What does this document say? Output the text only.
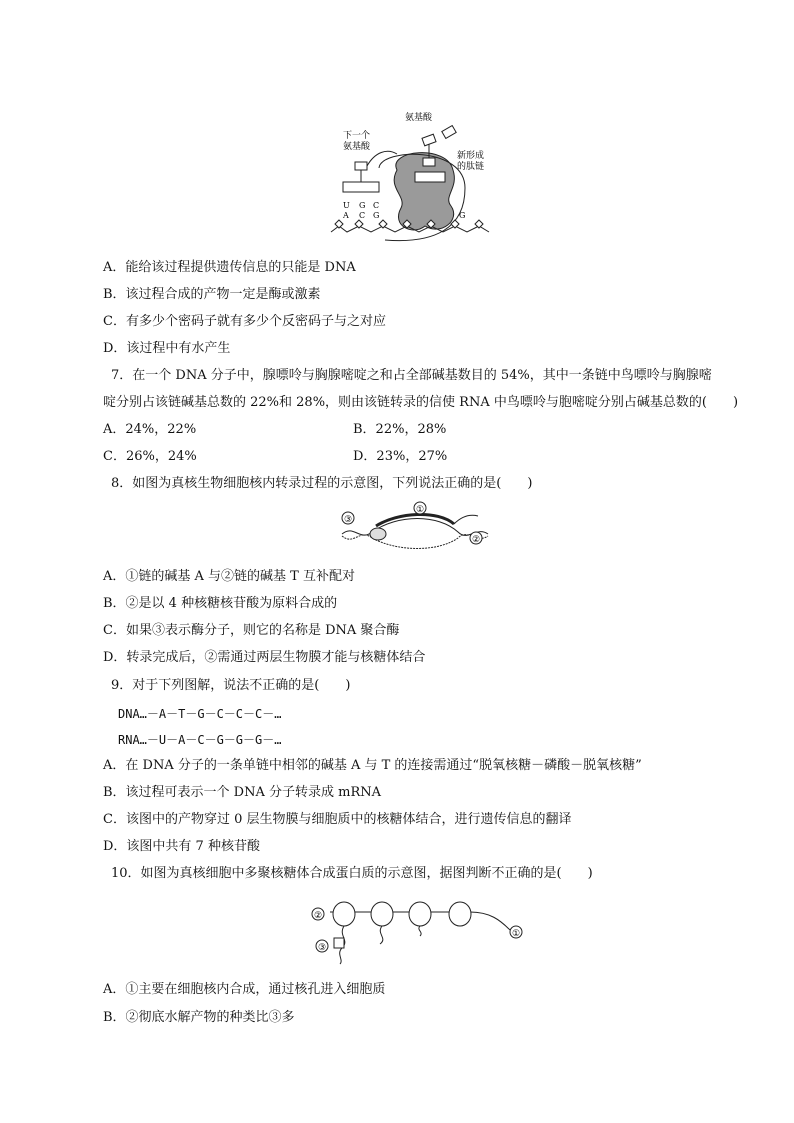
氨基酸
下一个
氨基酸
新形成
的肽链
U
A
G
C
C
G	G
A．能给该过程提供遗传信息的只能是 DNA
B．该过程合成的产物一定是酶或激素
C．有多少个密码子就有多少个反密码子与之对应
D．该过程中有水产生
7．在一个 DNA 分子中，腺嘌呤与胸腺嘧啶之和占全部碱基数目的 54%，其中一条链中鸟嘌呤与胸腺嘧
啶分别占该链碱基总数的 22%和 28%，则由该链转录的信使 RNA 中鸟嘌呤与胞嘧啶分别占碱基总数的(　　)
A．24%，22%	B．22%，28%
C．26%，24%	D．23%，27%
8．如图为真核生物细胞核内转录过程的示意图，下列说法正确的是(　　)
③
①
②
A．①链的碱基 A 与②链的碱基 T 互补配对
B．②是以 4 种核糖核苷酸为原料合成的
C．如果③表示酶分子，则它的名称是 DNA 聚合酶
D．转录完成后，②需通过两层生物膜才能与核糖体结合
9．对于下列图解，说法不正确的是(　　)
DNA…－A－T－G－C－C－C－…
RNA…－U－A－C－G－G－G－…
A．在 DNA 分子的一条单链中相邻的碱基 A 与 T 的连接需通过“脱氧核糖－磷酸－脱氧核糖”
B．该过程可表示一个 DNA 分子转录成 mRNA
C．该图中的产物穿过 0 层生物膜与细胞质中的核糖体结合，进行遗传信息的翻译
D．该图中共有 7 种核苷酸
10．如图为真核细胞中多聚核糖体合成蛋白质的示意图，据图判断不正确的是(　　)
②
③
①
A．①主要在细胞核内合成，通过核孔进入细胞质
B．②彻底水解产物的种类比③多
